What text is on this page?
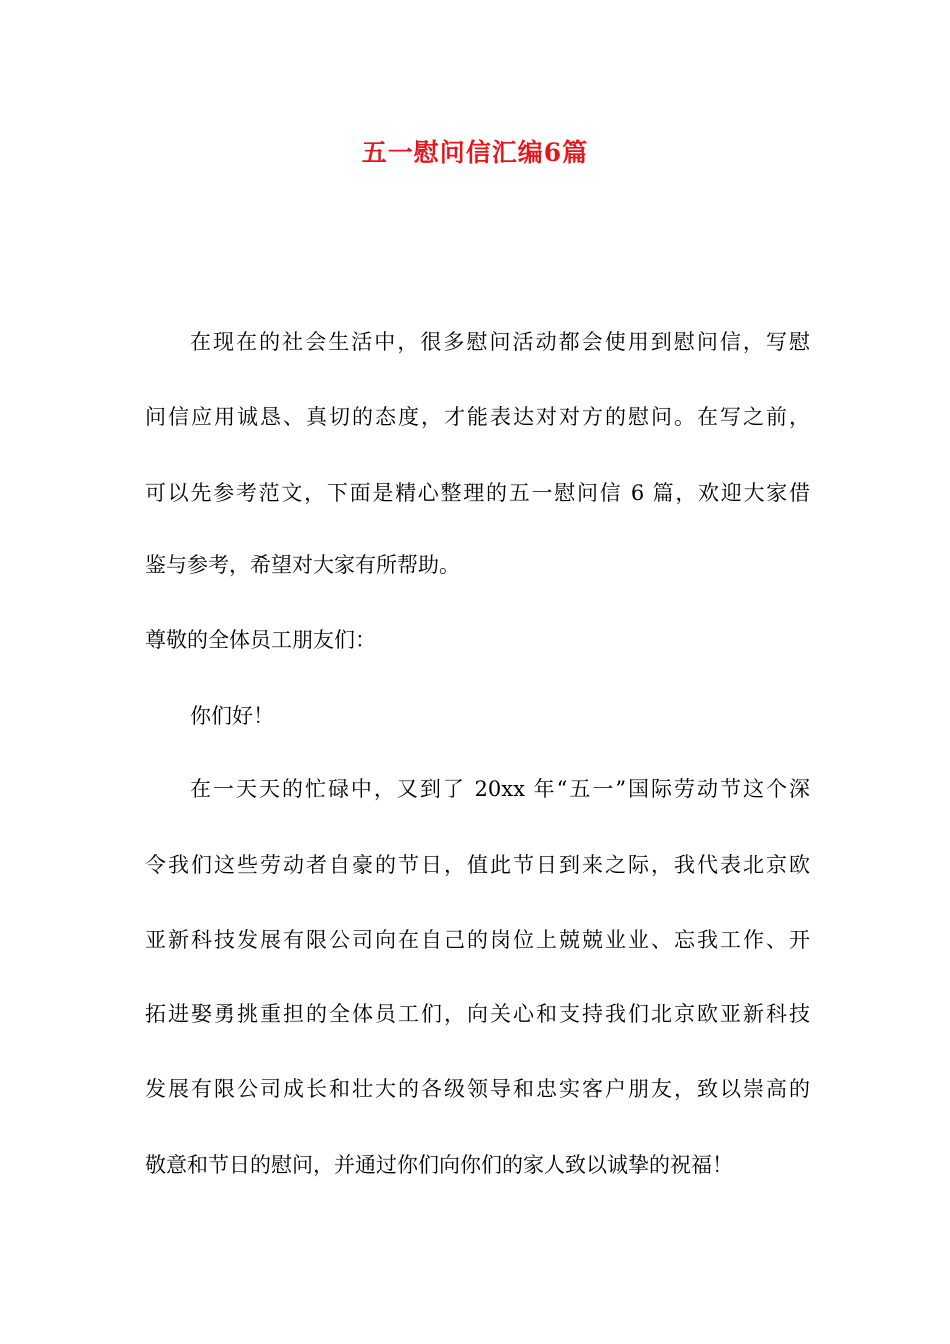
五一慰问信汇编6篇
在现在的社会生活中，很多慰问活动都会使用到慰问信，写慰
问信应用诚恳、真切的态度，才能表达对对方的慰问。在写之前，
可以先参考范文，下面是精心整理的五一慰问信 6 篇，欢迎大家借
鉴与参考，希望对大家有所帮助。
尊敬的全体员工朋友们：
你们好！
在一天天的忙碌中，又到了 20xx 年“五一”国际劳动节这个深
令我们这些劳动者自豪的节日，值此节日到来之际，我代表北京欧
亚新科技发展有限公司向在自己的岗位上兢兢业业、忘我工作、开
拓进娶勇挑重担的全体员工们，向关心和支持我们北京欧亚新科技
发展有限公司成长和壮大的各级领导和忠实客户朋友，致以崇高的
敬意和节日的慰问，并通过你们向你们的家人致以诚挚的祝福！
